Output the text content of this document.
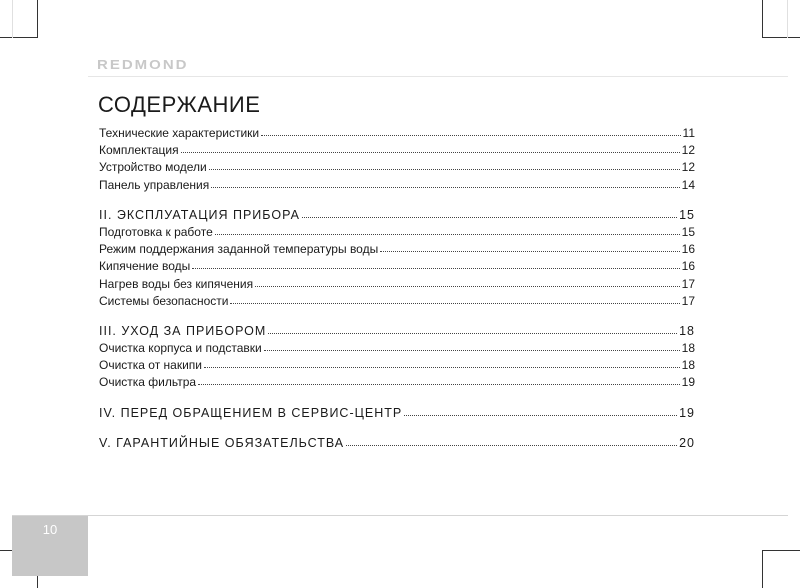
REDMOND
СОДЕРЖАНИЕ
Технические характеристики	11
Комплектация	12
Устройство модели	12
Панель управления	14
II. ЭКСПЛУАТАЦИЯ ПРИБОРА	15
Подготовка к работе	15
Режим поддержания заданной температуры воды	16
Кипячение воды	16
Нагрев воды без кипячения	17
Системы безопасности	17
III. УХОД ЗА ПРИБОРОМ	18
Очистка корпуса и подставки	18
Очистка от накипи	18
Очистка фильтра	19
IV. ПЕРЕД ОБРАЩЕНИЕМ В СЕРВИС-ЦЕНТР	19
V. ГАРАНТИЙНЫЕ ОБЯЗАТЕЛЬСТВА	20
10
